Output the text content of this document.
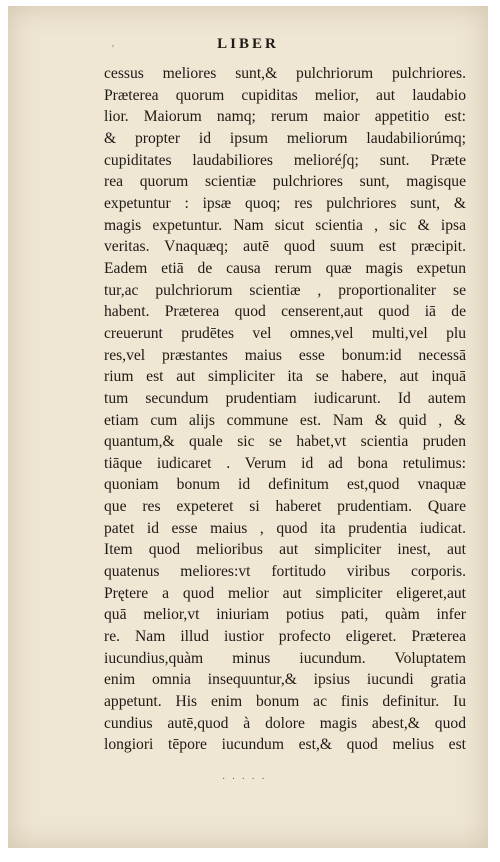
'	LIBER
cessus meliores sunt,& pulchriorum pulchriores.
Præterea quorum cupiditas melior, aut laudabio
lior. Maiorum namq; rerum maior appetitio est:
& propter id ipsum meliorum laudabiliorúmq;
cupiditates laudabiliores melioréʃq; sunt. Præte
rea quorum scientiæ pulchriores sunt, magisque
expetuntur : ipsæ quoq; res pulchriores sunt, &
magis expetuntur. Nam sicut scientia , sic & ipsa
veritas. Vnaquæq; autē quod suum est præcipit.
Eadem etiā de causa rerum quæ magis expetun
tur,ac pulchriorum scientiæ , proportionaliter se
habent. Præterea quod censerent,aut quod iā de
creuerunt prudētes vel omnes,vel multi,vel plu
res,vel præstantes maius esse bonum:id necessā
rium est aut simpliciter ita se habere, aut inquā
tum secundum prudentiam iudicarunt. Id autem
etiam cum alijs commune est. Nam & quid , &
quantum,& quale sic se habet,vt scientia pruden
tiāque iudicaret . Verum id ad bona retulimus:
quoniam bonum id definitum est,quod vnaquæ
que res expeteret si haberet prudentiam. Quare
patet id esse maius , quod ita prudentia iudicat.
Item quod melioribus aut simpliciter inest, aut
quatenus meliores:vt fortitudo viribus corporis.
Prętere a quod melior aut simpliciter eligeret,aut
quā melior,vt iniuriam potius pati, quàm infer
re. Nam illud iustior profecto eligeret. Præterea
iucundius,quàm minus iucundum. Voluptatem
enim omnia insequuntur,& ipsius iucundi gratia
appetunt. His enim bonum ac finis definitur. Iu
cundius autē,quod à dolore magis abest,& quod
longiori tēpore iucundum est,& quod melius est
· · · · ·
